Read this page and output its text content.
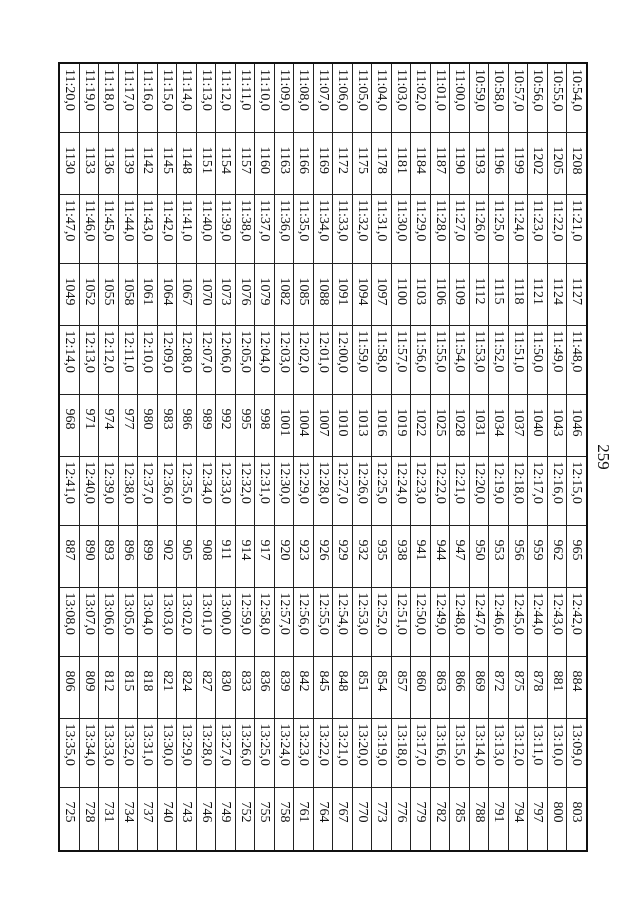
259
10:54,0	1208	11:21,0	1127	11:48,0	1046	12:15,0	965	12:42,0	884	13:09,0	803
10:55,0	1205	11:22,0	1124	11:49,0	1043	12:16,0	962	12:43,0	881	13:10,0	800
10:56,0	1202	11:23,0	1121	11:50,0	1040	12:17,0	959	12:44,0	878	13:11,0	797
10:57,0	1199	11:24,0	1118	11:51,0	1037	12:18,0	956	12:45,0	875	13:12,0	794
10:58,0	1196	11:25,0	1115	11:52,0	1034	12:19,0	953	12:46,0	872	13:13,0	791
10:59,0	1193	11:26,0	1112	11:53,0	1031	12:20,0	950	12:47,0	869	13:14,0	788
11:00,0	1190	11:27,0	1109	11:54,0	1028	12:21,0	947	12:48,0	866	13:15,0	785
11:01,0	1187	11:28,0	1106	11:55,0	1025	12:22,0	944	12:49,0	863	13:16,0	782
11:02,0	1184	11:29,0	1103	11:56,0	1022	12:23,0	941	12:50,0	860	13:17,0	779
11:03,0	1181	11:30,0	1100	11:57,0	1019	12:24,0	938	12:51,0	857	13:18,0	776
11:04,0	1178	11:31,0	1097	11:58,0	1016	12:25,0	935	12:52,0	854	13:19,0	773
11:05,0	1175	11:32,0	1094	11:59,0	1013	12:26,0	932	12:53,0	851	13:20,0	770
11:06,0	1172	11:33,0	1091	12:00,0	1010	12:27,0	929	12:54,0	848	13:21,0	767
11:07,0	1169	11:34,0	1088	12:01,0	1007	12:28,0	926	12:55,0	845	13:22,0	764
11:08,0	1166	11:35,0	1085	12:02,0	1004	12:29,0	923	12:56,0	842	13:23,0	761
11:09,0	1163	11:36,0	1082	12:03,0	1001	12:30,0	920	12:57,0	839	13:24,0	758
11:10,0	1160	11:37,0	1079	12:04,0	998	12:31,0	917	12:58,0	836	13:25,0	755
11:11,0	1157	11:38,0	1076	12:05,0	995	12:32,0	914	12:59,0	833	13:26,0	752
11:12,0	1154	11:39,0	1073	12:06,0	992	12:33,0	911	13:00,0	830	13:27,0	749
11:13,0	1151	11:40,0	1070	12:07,0	989	12:34,0	908	13:01,0	827	13:28,0	746
11:14,0	1148	11:41,0	1067	12:08,0	986	12:35,0	905	13:02,0	824	13:29,0	743
11:15,0	1145	11:42,0	1064	12:09,0	983	12:36,0	902	13:03,0	821	13:30,0	740
11:16,0	1142	11:43,0	1061	12:10,0	980	12:37,0	899	13:04,0	818	13:31,0	737
11:17,0	1139	11:44,0	1058	12:11,0	977	12:38,0	896	13:05,0	815	13:32,0	734
11:18,0	1136	11:45,0	1055	12:12,0	974	12:39,0	893	13:06,0	812	13:33,0	731
11:19,0	1133	11:46,0	1052	12:13,0	971	12:40,0	890	13:07,0	809	13:34,0	728
11:20,0	1130	11:47,0	1049	12:14,0	968	12:41,0	887	13:08,0	806	13:35,0	725
